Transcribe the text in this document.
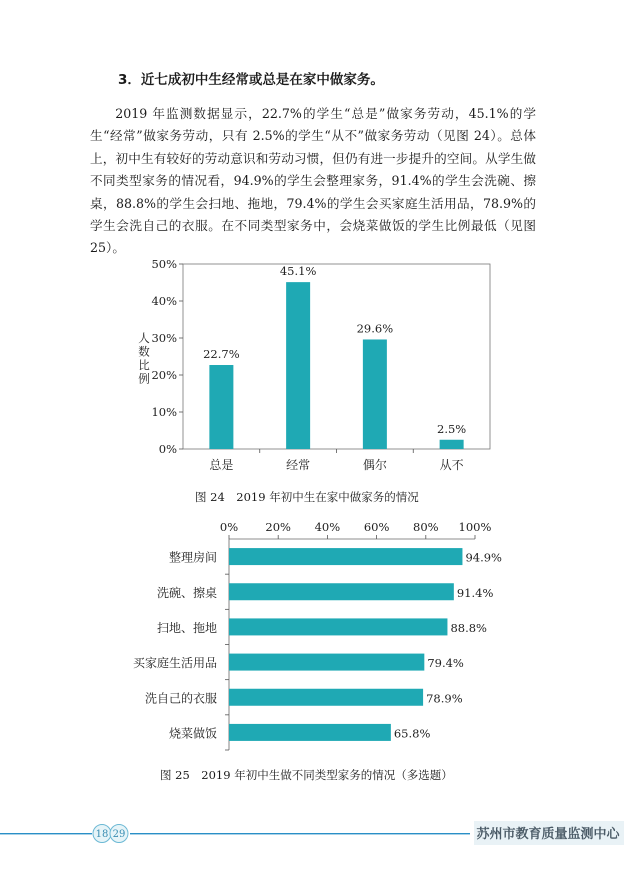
3．近七成初中生经常或总是在家中做家务。

2019 年监测数据显示，22.7%的学生“总是”做家务劳动，45.1%的学生“经常”做家务劳动，只有 2.5%的学生“从不”做家务劳动（见图 24）。总体上，初中生有较好的劳动意识和劳动习惯，但仍有进一步提升的空间。从学生做不同类型家务的情况看，94.9%的学生会整理家务，91.4%的学生会洗碗、擦桌，88.8%的学生会扫地、拖地，79.4%的学生会买家庭生活用品，78.9%的学生会洗自己的衣服。在不同类型家务中，会烧菜做饭的学生比例最低（见图 25）。

0%
10%
20%
30%
40%
50%
人
数
比
例
22.7%
总是
45.1%
经常
29.6%
偶尔
2.5%
从不
图 24　2019 年初中生在家中做家务的情况
0% 20% 40% 60% 80% 100%
94.9%
整理房间
91.4%
洗碗、擦桌
88.8%
扫地、拖地
79.4%
买家庭生活用品
78.9%
洗自己的衣服
65.8%
烧菜做饭
图 25　2019 年初中生做不同类型家务的情况（多选题）
18 29	苏州市教育质量监测中心
